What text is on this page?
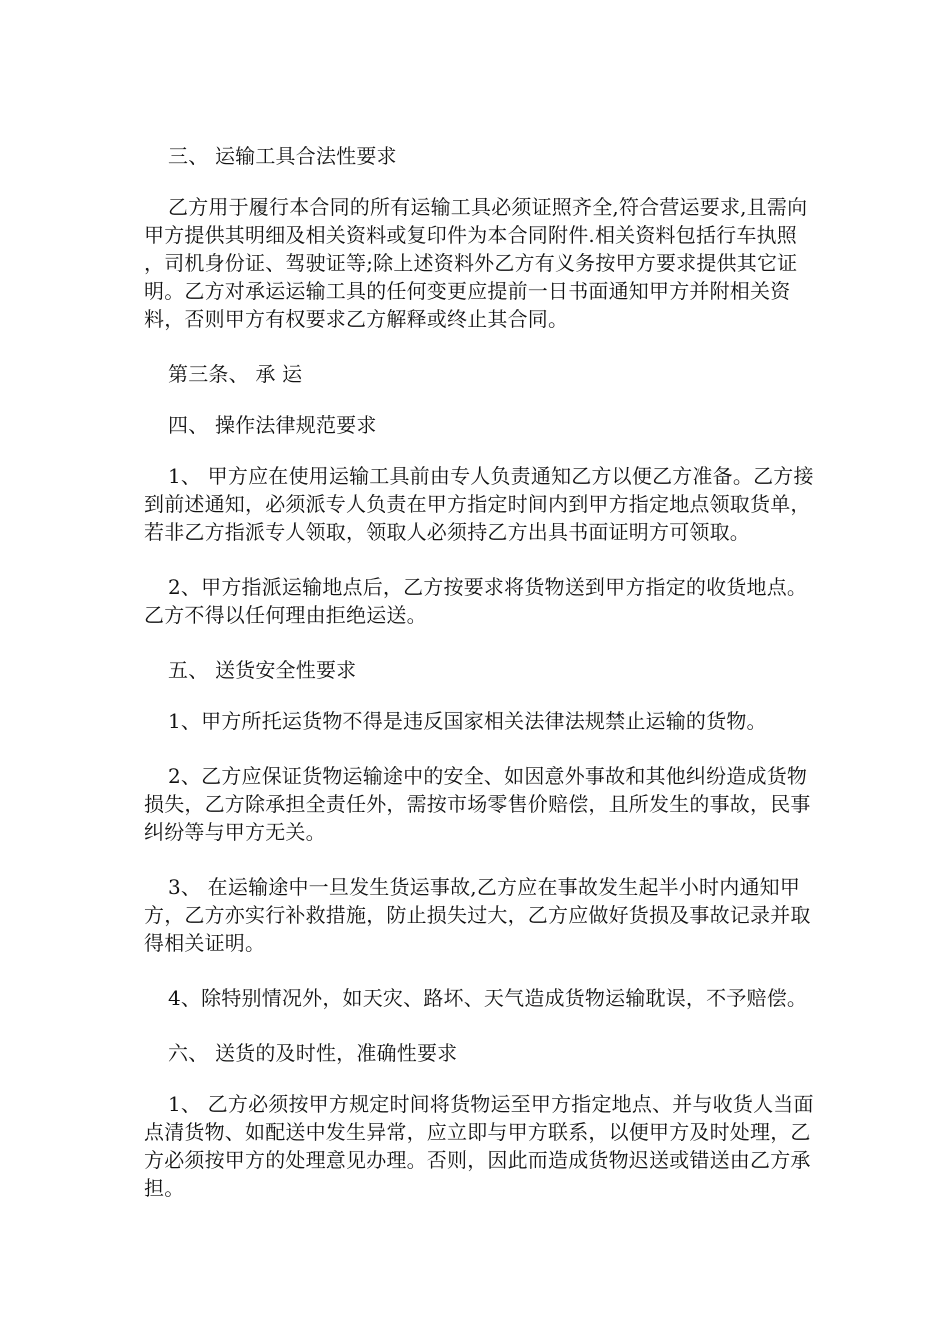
三、 运输工具合法性要求

乙方用于履行本合同的所有运输工具必须证照齐全,符合营运要求,且需向甲方提供其明细及相关资料或复印件为本合同附件.相关资料包括行车执照 ，司机身份证、驾驶证等;除上述资料外乙方有义务按甲方要求提供其它证明。乙方对承运运输工具的任何变更应提前一日书面通知甲方并附相关资料，否则甲方有权要求乙方解释或终止其合同。

第三条、 承 运

四、 操作法律规范要求

1、 甲方应在使用运输工具前由专人负责通知乙方以便乙方准备。乙方接到前述通知，必须派专人负责在甲方指定时间内到甲方指定地点领取货单，若非乙方指派专人领取，领取人必须持乙方出具书面证明方可领取。

2、甲方指派运输地点后，乙方按要求将货物送到甲方指定的收货地点。乙方不得以任何理由拒绝运送。

五、 送货安全性要求

1、甲方所托运货物不得是违反国家相关法律法规禁止运输的货物。

2、乙方应保证货物运输途中的安全、如因意外事故和其他纠纷造成货物损失，乙方除承担全责任外，需按市场零售价赔偿，且所发生的事故，民事纠纷等与甲方无关。

3、 在运输途中一旦发生货运事故,乙方应在事故发生起半小时内通知甲方，乙方亦实行补救措施，防止损失过大，乙方应做好货损及事故记录并取得相关证明。

4、除特别情况外，如天灾、路坏、天气造成货物运输耽误，不予赔偿。

六、 送货的及时性，准确性要求

1、 乙方必须按甲方规定时间将货物运至甲方指定地点、并与收货人当面点清货物、如配送中发生异常，应立即与甲方联系，以便甲方及时处理，乙方必须按甲方的处理意见办理。否则，因此而造成货物迟送或错送由乙方承担。
